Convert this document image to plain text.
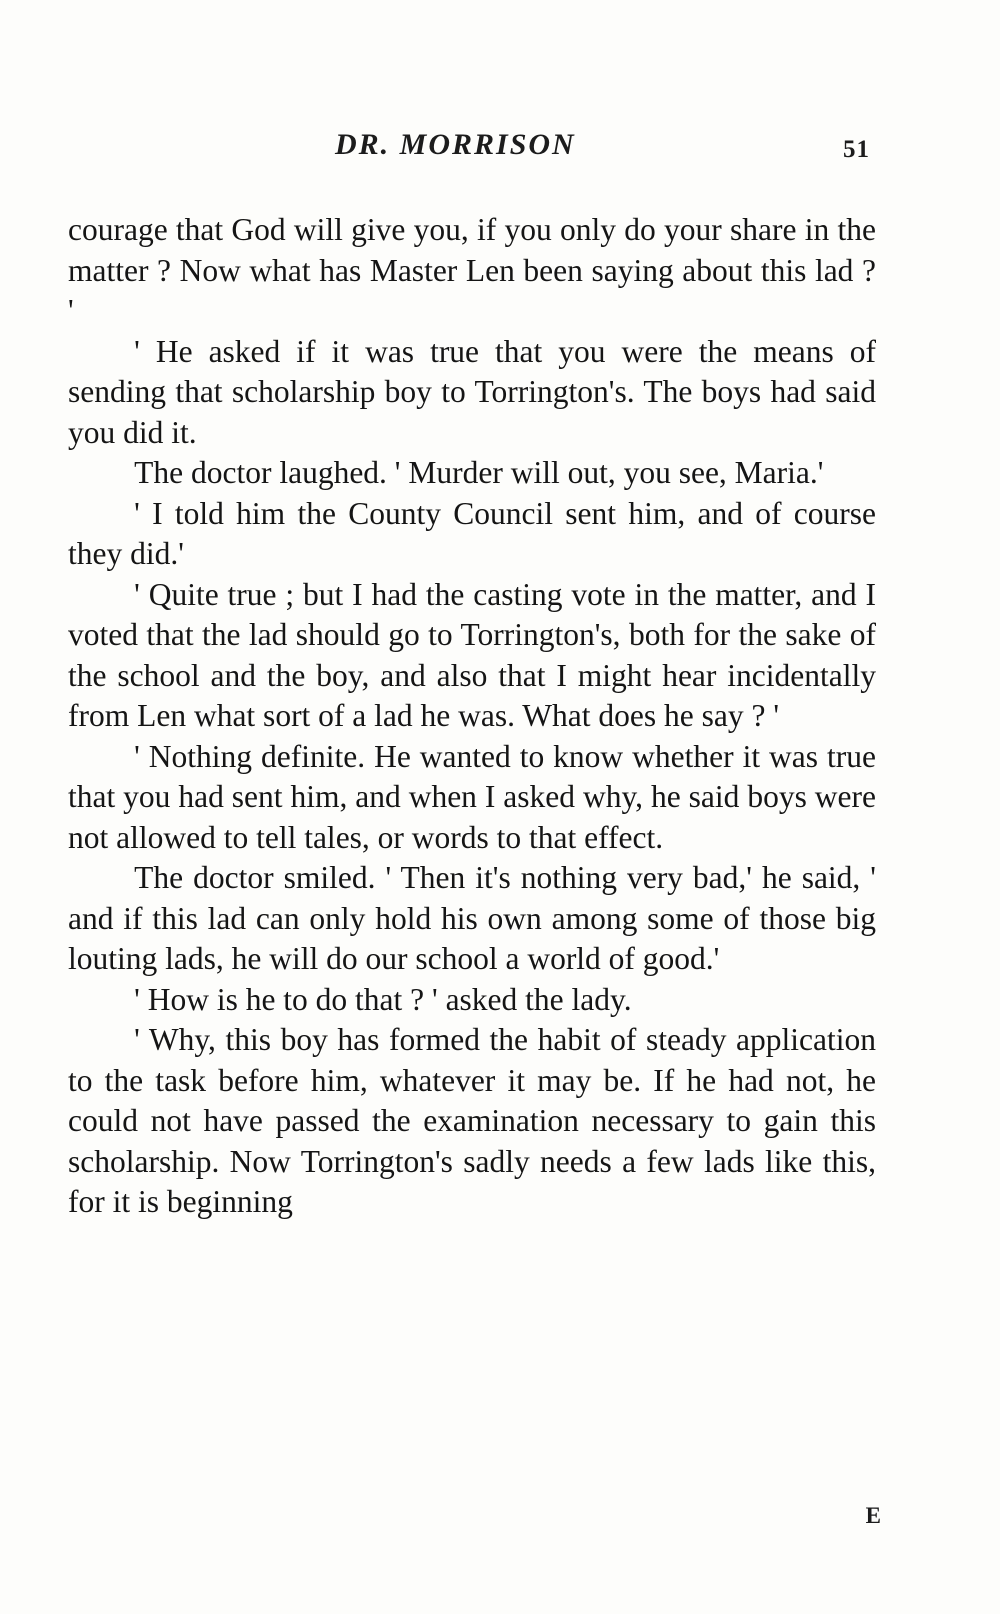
DR. MORRISON	51

courage that God will give you, if you only do your share in the matter ? Now what has Master Len been saying about this lad ? '

' He asked if it was true that you were the means of sending that scholarship boy to Torrington's. The boys had said you did it.

The doctor laughed. ' Murder will out, you see, Maria.'

' I told him the County Council sent him, and of course they did.'

' Quite true ; but I had the casting vote in the matter, and I voted that the lad should go to Torrington's, both for the sake of the school and the boy, and also that I might hear incidentally from Len what sort of a lad he was. What does he say ? '

' Nothing definite. He wanted to know whether it was true that you had sent him, and when I asked why, he said boys were not allowed to tell tales, or words to that effect.

The doctor smiled. ' Then it's nothing very bad,' he said, ' and if this lad can only hold his own among some of those big louting lads, he will do our school a world of good.'

' How is he to do that ? ' asked the lady.

' Why, this boy has formed the habit of steady application to the task before him, whatever it may be. If he had not, he could not have passed the examination necessary to gain this scholarship. Now Torrington's sadly needs a few lads like this, for it is beginning

E
